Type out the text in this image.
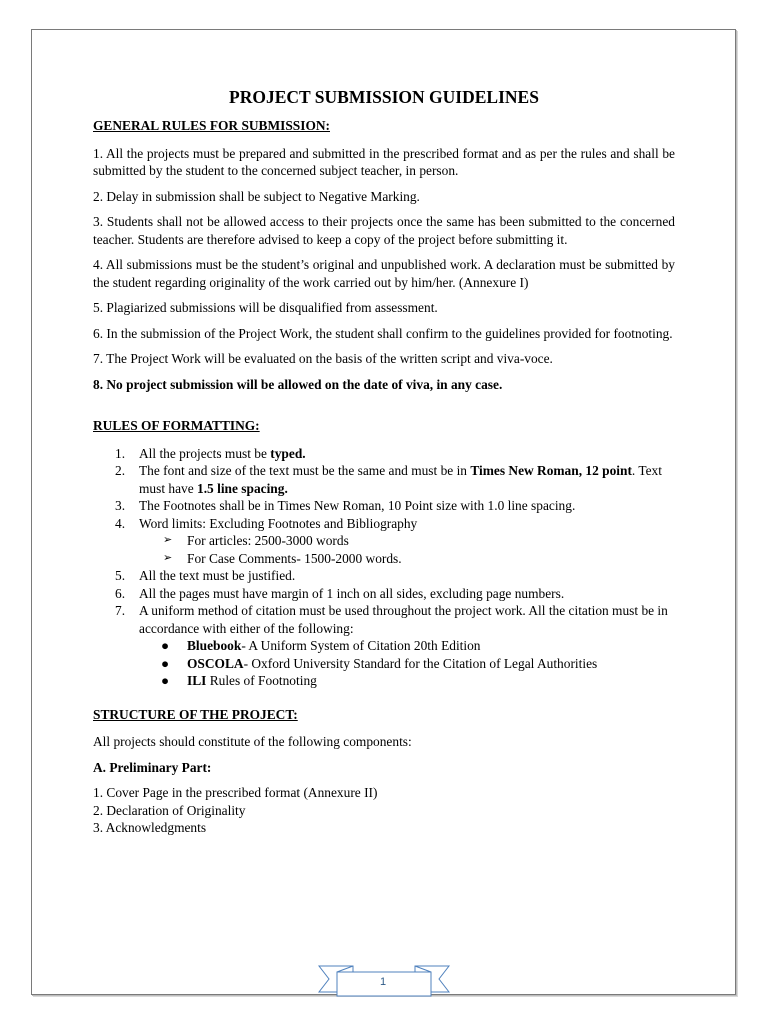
PROJECT SUBMISSION GUIDELINES
GENERAL RULES FOR SUBMISSION:
1. All the projects must be prepared and submitted in the prescribed format and as per the rules and shall be submitted by the student to the concerned subject teacher, in person.
2. Delay in submission shall be subject to Negative Marking.
3. Students shall not be allowed access to their projects once the same has been submitted to the concerned teacher. Students are therefore advised to keep a copy of the project before submitting it.
4. All submissions must be the student’s original and unpublished work. A declaration must be submitted by the student regarding originality of the work carried out by him/her. (Annexure I)
5. Plagiarized submissions will be disqualified from assessment.
6. In the submission of the Project Work, the student shall confirm to the guidelines provided for footnoting.
7. The Project Work will be evaluated on the basis of the written script and viva-voce.
8. No project submission will be allowed on the date of viva, in any case.
RULES OF FORMATTING:
1. All the projects must be typed.
2. The font and size of the text must be the same and must be in Times New Roman, 12 point. Text must have 1.5 line spacing.
3. The Footnotes shall be in Times New Roman, 10 Point size with 1.0 line spacing.
4. Word limits: Excluding Footnotes and Bibliography
➢ For articles: 2500-3000 words
➢ For Case Comments- 1500-2000 words.
5. All the text must be justified.
6. All the pages must have margin of 1 inch on all sides, excluding page numbers.
7. A uniform method of citation must be used throughout the project work. All the citation must be in accordance with either of the following:
● Bluebook- A Uniform System of Citation 20th Edition
● OSCOLA- Oxford University Standard for the Citation of Legal Authorities
● ILI Rules of Footnoting
STRUCTURE OF THE PROJECT:
All projects should constitute of the following components:
A. Preliminary Part:
1. Cover Page in the prescribed format (Annexure II)
2. Declaration of Originality
3. Acknowledgments
1
